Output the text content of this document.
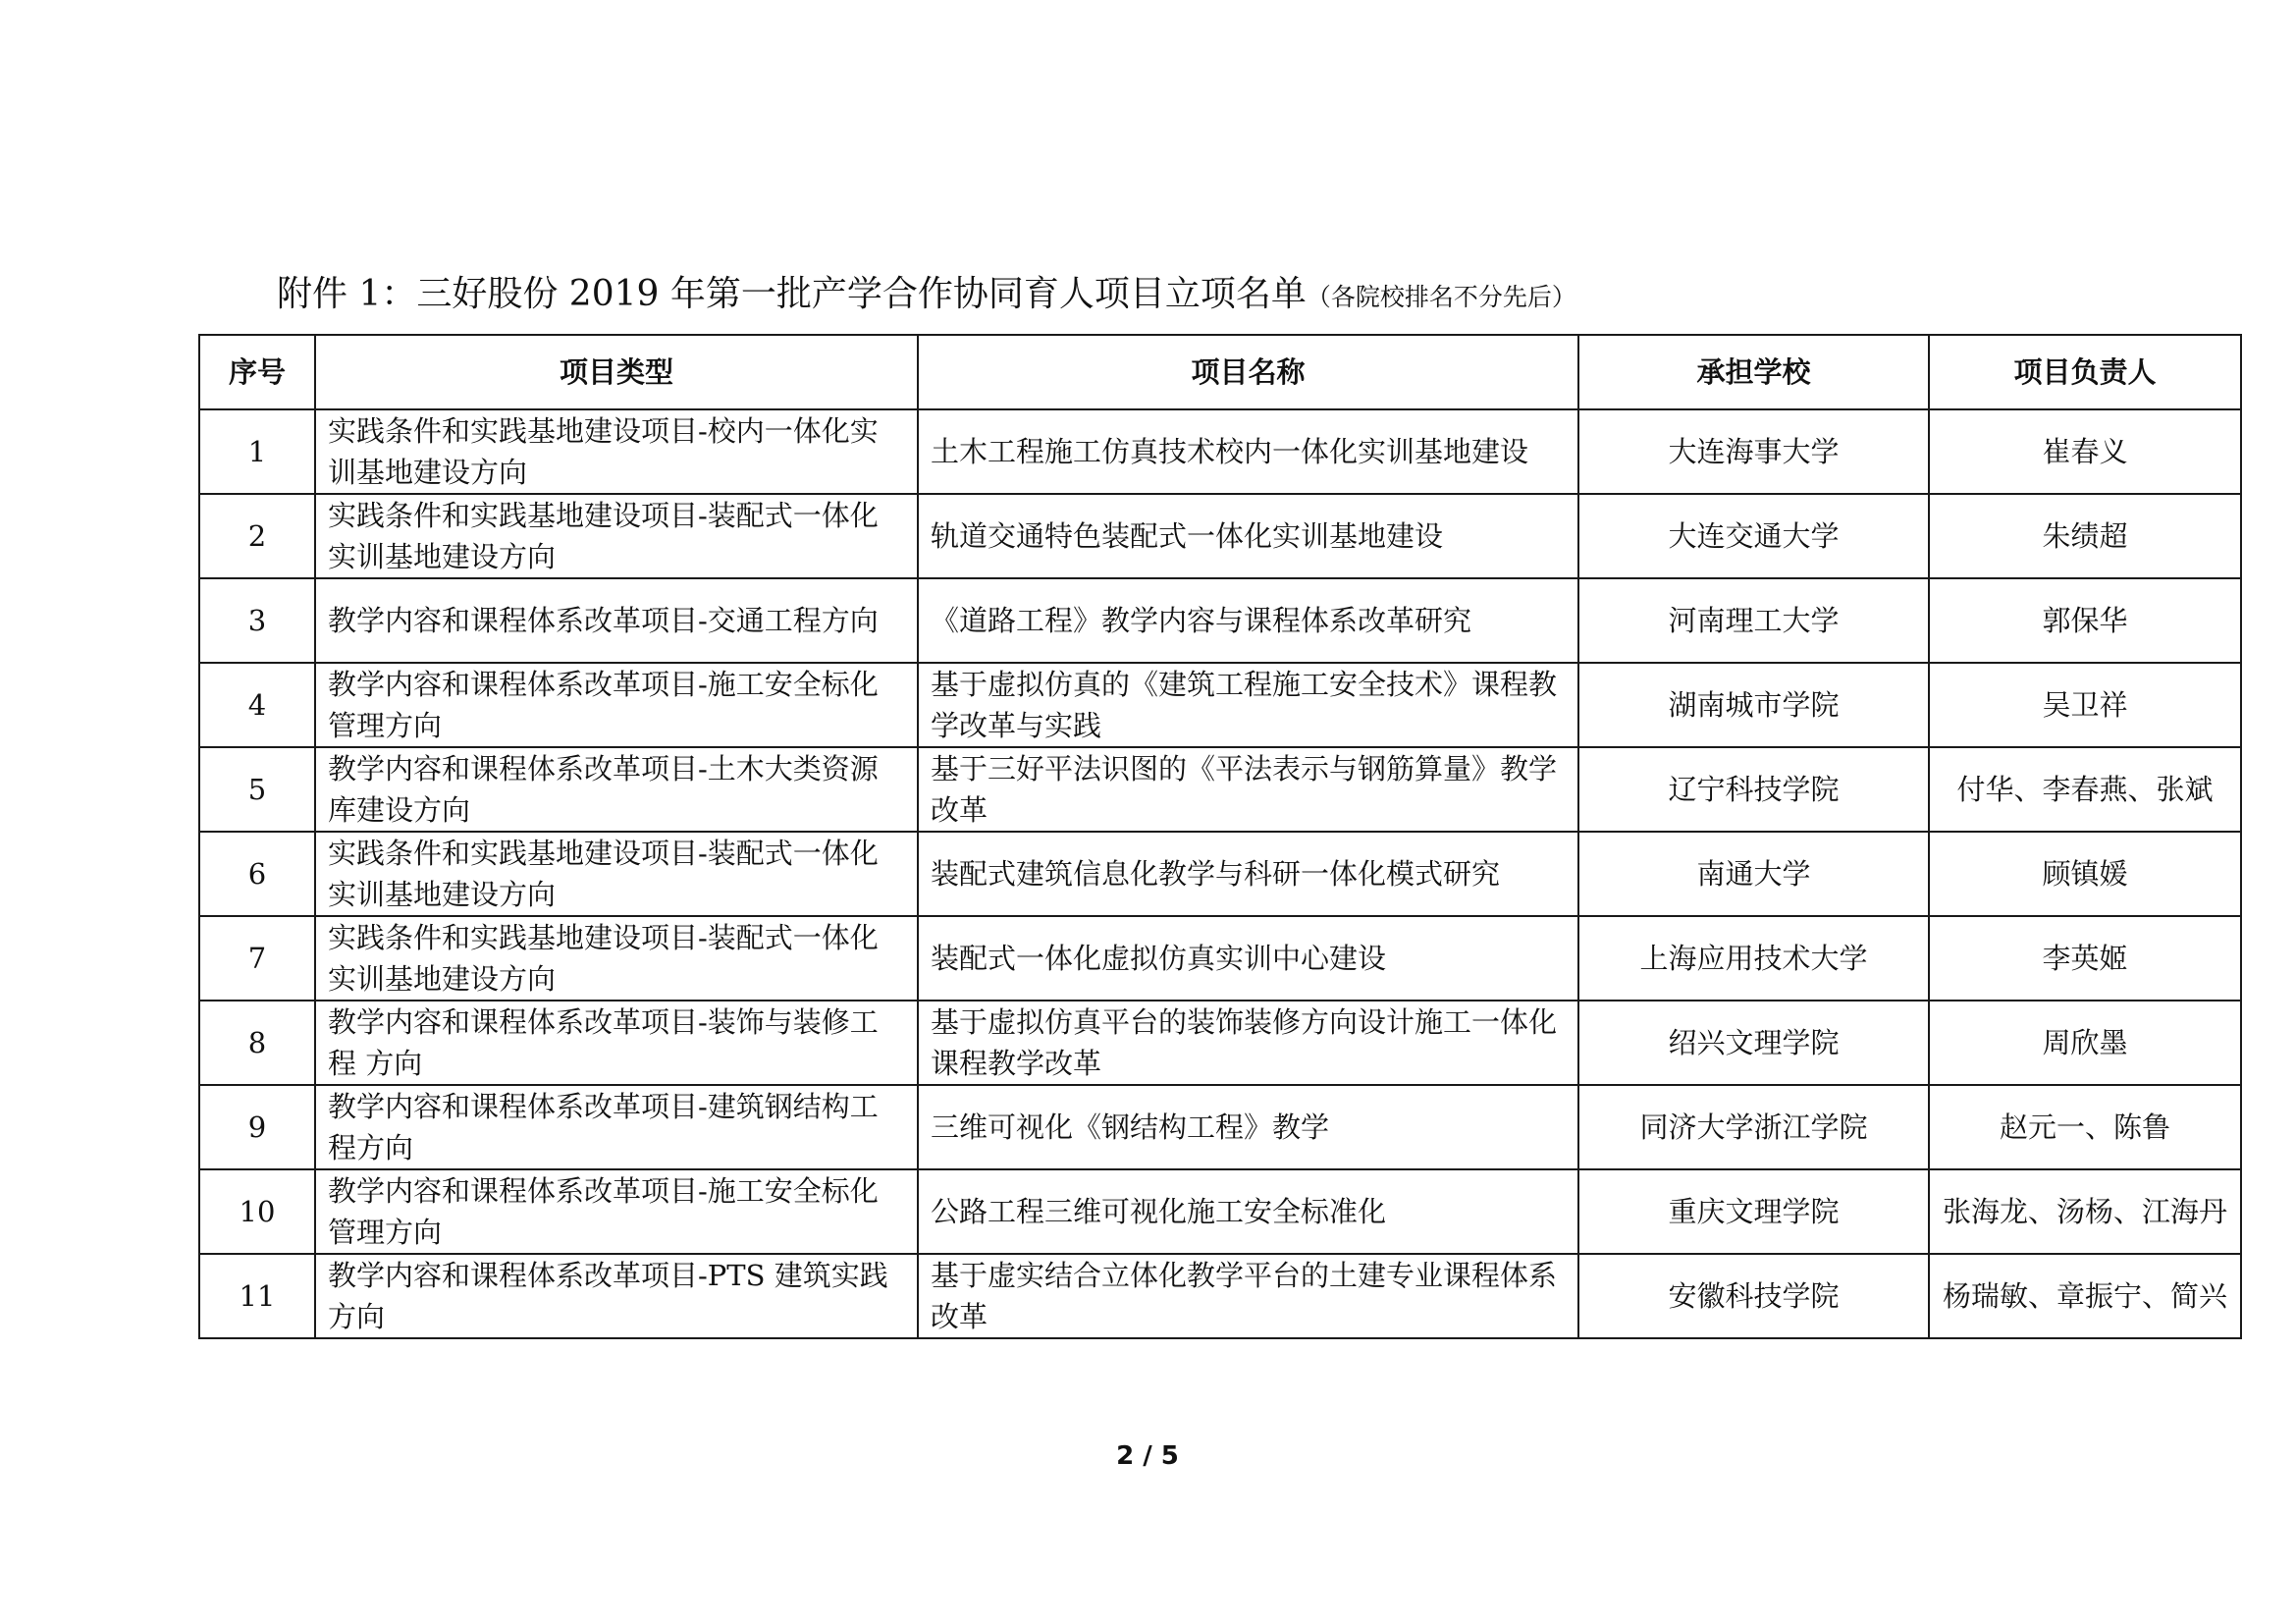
附件 1：三好股份 2019 年第一批产学合作协同育人项目立项名单（各院校排名不分先后）
序号	项目类型	项目名称	承担学校	项目负责人
1	实践条件和实践基地建设项目-校内一体化实训基地建设方向	土木工程施工仿真技术校内一体化实训基地建设	大连海事大学	崔春义
2	实践条件和实践基地建设项目-装配式一体化实训基地建设方向	轨道交通特色装配式一体化实训基地建设	大连交通大学	朱绩超
3	教学内容和课程体系改革项目-交通工程方向	《道路工程》教学内容与课程体系改革研究	河南理工大学	郭保华
4	教学内容和课程体系改革项目-施工安全标化管理方向	基于虚拟仿真的《建筑工程施工安全技术》课程教学改革与实践	湖南城市学院	吴卫祥
5	教学内容和课程体系改革项目-土木大类资源库建设方向	基于三好平法识图的《平法表示与钢筋算量》教学改革	辽宁科技学院	付华、李春燕、张斌
6	实践条件和实践基地建设项目-装配式一体化实训基地建设方向	装配式建筑信息化教学与科研一体化模式研究	南通大学	顾镇媛
7	实践条件和实践基地建设项目-装配式一体化实训基地建设方向	装配式一体化虚拟仿真实训中心建设	上海应用技术大学	李英姬
8	教学内容和课程体系改革项目-装饰与装修工程 方向	基于虚拟仿真平台的装饰装修方向设计施工一体化课程教学改革	绍兴文理学院	周欣墨
9	教学内容和课程体系改革项目-建筑钢结构工程方向	三维可视化《钢结构工程》教学	同济大学浙江学院	赵元一、陈鲁
10	教学内容和课程体系改革项目-施工安全标化管理方向	公路工程三维可视化施工安全标准化	重庆文理学院	张海龙、汤杨、江海丹
11	教学内容和课程体系改革项目-PTS 建筑实践方向	基于虚实结合立体化教学平台的土建专业课程体系改革	安徽科技学院	杨瑞敏、章振宁、简兴
2 / 5
